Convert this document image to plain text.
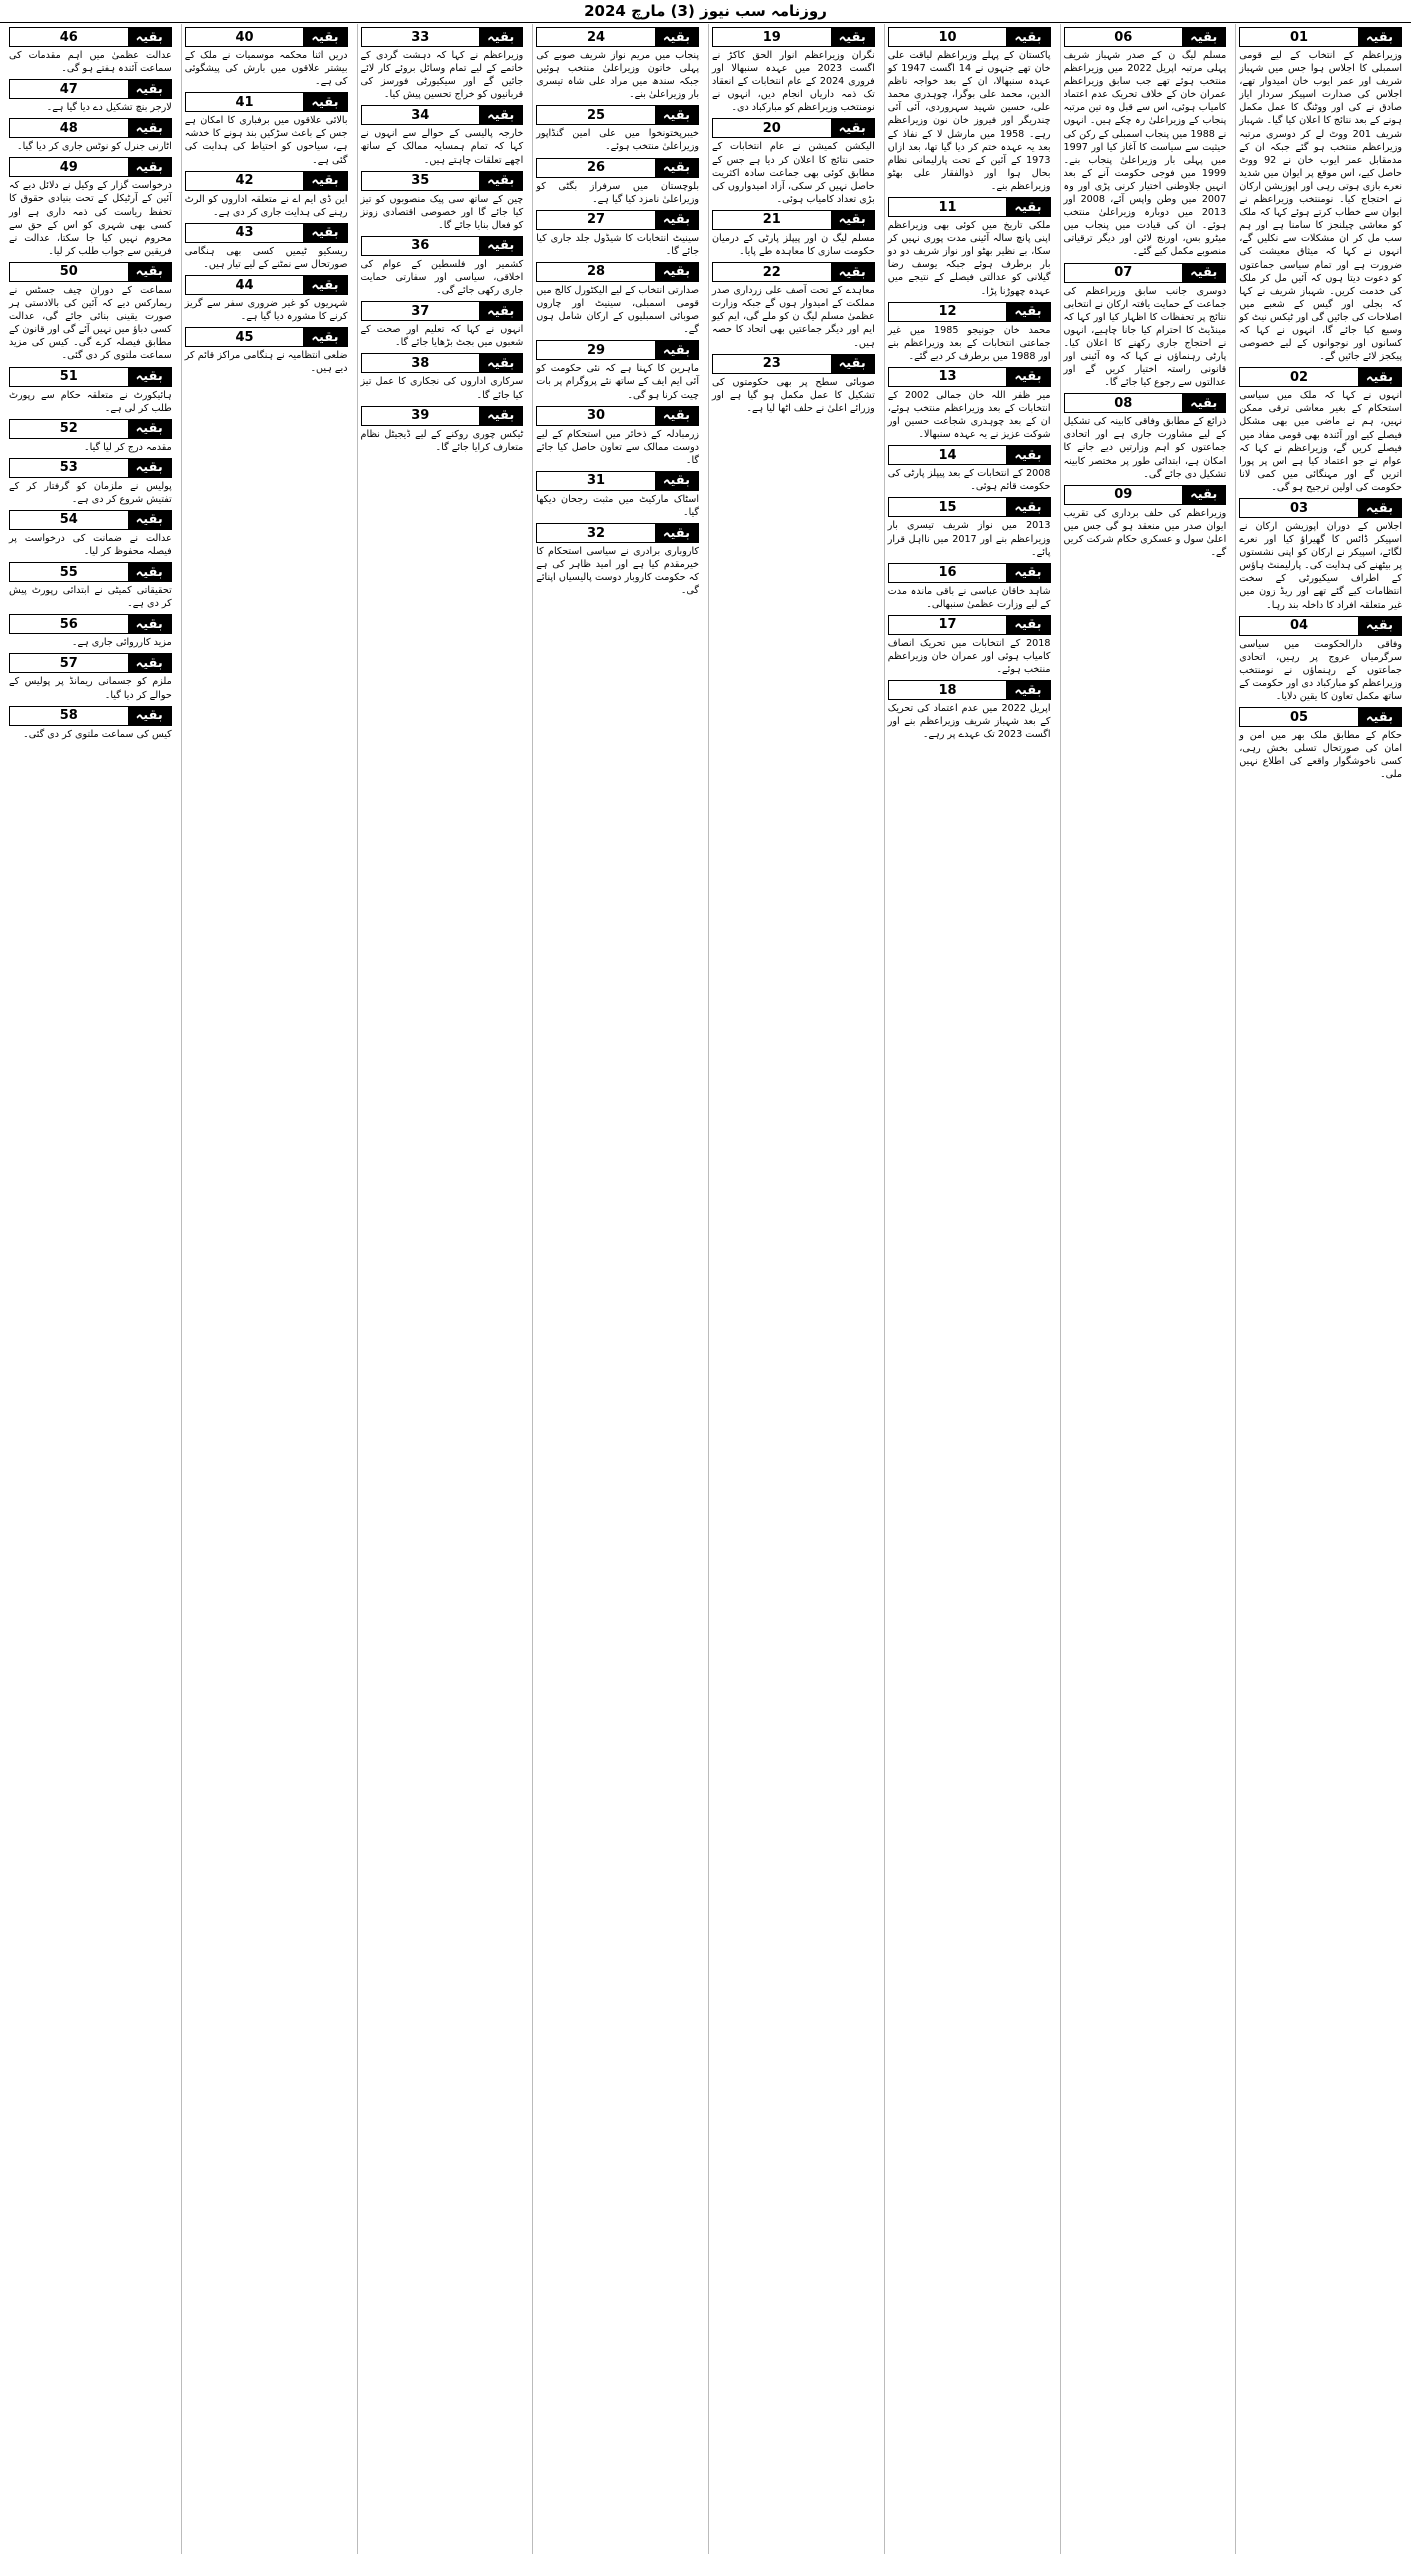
روزنامہ سب نیوز (3) مارچ 2024
بقیہ
01
وزیراعظم کے انتخاب کے لیے قومی اسمبلی کا اجلاس ہوا جس میں شہباز شریف اور عمر ایوب خان امیدوار تھے، اجلاس کی صدارت اسپیکر سردار ایاز صادق نے کی اور ووٹنگ کا عمل مکمل ہونے کے بعد نتائج کا اعلان کیا گیا۔ شہباز شریف 201 ووٹ لے کر دوسری مرتبہ وزیراعظم منتخب ہو گئے جبکہ ان کے مدمقابل عمر ایوب خان نے 92 ووٹ حاصل کیے، اس موقع پر ایوان میں شدید نعرے بازی ہوتی رہی اور اپوزیشن ارکان نے احتجاج کیا۔ نومنتخب وزیراعظم نے ایوان سے خطاب کرتے ہوئے کہا کہ ملک کو معاشی چیلنجز کا سامنا ہے اور ہم سب مل کر ان مشکلات سے نکلیں گے، انہوں نے کہا کہ میثاق معیشت کی ضرورت ہے اور تمام سیاسی جماعتوں کو دعوت دیتا ہوں کہ آئیں مل کر ملک کی خدمت کریں۔ شہباز شریف نے کہا کہ بجلی اور گیس کے شعبے میں اصلاحات کی جائیں گی اور ٹیکس نیٹ کو وسیع کیا جائے گا، انہوں نے کہا کہ کسانوں اور نوجوانوں کے لیے خصوصی پیکجز لائے جائیں گے۔
بقیہ
02
انہوں نے کہا کہ ملک میں سیاسی استحکام کے بغیر معاشی ترقی ممکن نہیں، ہم نے ماضی میں بھی مشکل فیصلے کیے اور آئندہ بھی قومی مفاد میں فیصلے کریں گے، وزیراعظم نے کہا کہ عوام نے جو اعتماد کیا ہے اس پر پورا اتریں گے اور مہنگائی میں کمی لانا حکومت کی اولین ترجیح ہو گی۔
بقیہ
03
اجلاس کے دوران اپوزیشن ارکان نے اسپیکر ڈائس کا گھیراؤ کیا اور نعرے لگائے، اسپیکر نے ارکان کو اپنی نشستوں پر بیٹھنے کی ہدایت کی۔ پارلیمنٹ ہاؤس کے اطراف سیکیورٹی کے سخت انتظامات کیے گئے تھے اور ریڈ زون میں غیر متعلقہ افراد کا داخلہ بند رہا۔
بقیہ
04
وفاقی دارالحکومت میں سیاسی سرگرمیاں عروج پر رہیں، اتحادی جماعتوں کے رہنماؤں نے نومنتخب وزیراعظم کو مبارکباد دی اور حکومت کے ساتھ مکمل تعاون کا یقین دلایا۔
بقیہ
05
حکام کے مطابق ملک بھر میں امن و امان کی صورتحال تسلی بخش رہی، کسی ناخوشگوار واقعے کی اطلاع نہیں ملی۔
بقیہ
06
مسلم لیگ ن کے صدر شہباز شریف پہلی مرتبہ اپریل 2022 میں وزیراعظم منتخب ہوئے تھے جب سابق وزیراعظم عمران خان کے خلاف تحریک عدم اعتماد کامیاب ہوئی، اس سے قبل وہ تین مرتبہ پنجاب کے وزیراعلیٰ رہ چکے ہیں۔ انہوں نے 1988 میں پنجاب اسمبلی کے رکن کی حیثیت سے سیاست کا آغاز کیا اور 1997 میں پہلی بار وزیراعلیٰ پنجاب بنے۔ 1999 میں فوجی حکومت آنے کے بعد انہیں جلاوطنی اختیار کرنی پڑی اور وہ 2007 میں وطن واپس آئے، 2008 اور 2013 میں دوبارہ وزیراعلیٰ منتخب ہوئے۔ ان کی قیادت میں پنجاب میں میٹرو بس، اورنج لائن اور دیگر ترقیاتی منصوبے مکمل کیے گئے۔
بقیہ
07
دوسری جانب سابق وزیراعظم کی جماعت کے حمایت یافتہ ارکان نے انتخابی نتائج پر تحفظات کا اظہار کیا اور کہا کہ مینڈیٹ کا احترام کیا جانا چاہیے، انہوں نے احتجاج جاری رکھنے کا اعلان کیا۔ پارٹی رہنماؤں نے کہا کہ وہ آئینی اور قانونی راستہ اختیار کریں گے اور عدالتوں سے رجوع کیا جائے گا۔
بقیہ
08
ذرائع کے مطابق وفاقی کابینہ کی تشکیل کے لیے مشاورت جاری ہے اور اتحادی جماعتوں کو اہم وزارتیں دیے جانے کا امکان ہے، ابتدائی طور پر مختصر کابینہ تشکیل دی جائے گی۔
بقیہ
09
وزیراعظم کی حلف برداری کی تقریب ایوان صدر میں منعقد ہو گی جس میں اعلیٰ سول و عسکری حکام شرکت کریں گے۔
بقیہ
10
پاکستان کے پہلے وزیراعظم لیاقت علی خان تھے جنہوں نے 14 اگست 1947 کو عہدہ سنبھالا، ان کے بعد خواجہ ناظم الدین، محمد علی بوگرا، چوہدری محمد علی، حسین شہید سہروردی، آئی آئی چندریگر اور فیروز خان نون وزیراعظم رہے۔ 1958 میں مارشل لا کے نفاذ کے بعد یہ عہدہ ختم کر دیا گیا تھا، بعد ازاں 1973 کے آئین کے تحت پارلیمانی نظام بحال ہوا اور ذوالفقار علی بھٹو وزیراعظم بنے۔
بقیہ
11
ملکی تاریخ میں کوئی بھی وزیراعظم اپنی پانچ سالہ آئینی مدت پوری نہیں کر سکا، بے نظیر بھٹو اور نواز شریف دو دو بار برطرف ہوئے جبکہ یوسف رضا گیلانی کو عدالتی فیصلے کے نتیجے میں عہدہ چھوڑنا پڑا۔
بقیہ
12
محمد خان جونیجو 1985 میں غیر جماعتی انتخابات کے بعد وزیراعظم بنے اور 1988 میں برطرف کر دیے گئے۔
بقیہ
13
میر ظفر اللہ خان جمالی 2002 کے انتخابات کے بعد وزیراعظم منتخب ہوئے، ان کے بعد چوہدری شجاعت حسین اور شوکت عزیز نے یہ عہدہ سنبھالا۔
بقیہ
14
2008 کے انتخابات کے بعد پیپلز پارٹی کی حکومت قائم ہوئی۔
بقیہ
15
2013 میں نواز شریف تیسری بار وزیراعظم بنے اور 2017 میں نااہل قرار پائے۔
بقیہ
16
شاہد خاقان عباسی نے باقی ماندہ مدت کے لیے وزارت عظمیٰ سنبھالی۔
بقیہ
17
2018 کے انتخابات میں تحریک انصاف کامیاب ہوئی اور عمران خان وزیراعظم منتخب ہوئے۔
بقیہ
18
اپریل 2022 میں عدم اعتماد کی تحریک کے بعد شہباز شریف وزیراعظم بنے اور اگست 2023 تک عہدے پر رہے۔
بقیہ
19
نگران وزیراعظم انوار الحق کاکڑ نے اگست 2023 میں عہدہ سنبھالا اور فروری 2024 کے عام انتخابات کے انعقاد تک ذمہ داریاں انجام دیں، انہوں نے نومنتخب وزیراعظم کو مبارکباد دی۔
بقیہ
20
الیکشن کمیشن نے عام انتخابات کے حتمی نتائج کا اعلان کر دیا ہے جس کے مطابق کوئی بھی جماعت سادہ اکثریت حاصل نہیں کر سکی، آزاد امیدواروں کی بڑی تعداد کامیاب ہوئی۔
بقیہ
21
مسلم لیگ ن اور پیپلز پارٹی کے درمیان حکومت سازی کا معاہدہ طے پایا۔
بقیہ
22
معاہدے کے تحت آصف علی زرداری صدر مملکت کے امیدوار ہوں گے جبکہ وزارت عظمیٰ مسلم لیگ ن کو ملے گی، ایم کیو ایم اور دیگر جماعتیں بھی اتحاد کا حصہ ہیں۔
بقیہ
23
صوبائی سطح پر بھی حکومتوں کی تشکیل کا عمل مکمل ہو گیا ہے اور وزرائے اعلیٰ نے حلف اٹھا لیا ہے۔
بقیہ
24
پنجاب میں مریم نواز شریف صوبے کی پہلی خاتون وزیراعلیٰ منتخب ہوئیں جبکہ سندھ میں مراد علی شاہ تیسری بار وزیراعلیٰ بنے۔
بقیہ
25
خیبرپختونخوا میں علی امین گنڈاپور وزیراعلیٰ منتخب ہوئے۔
بقیہ
26
بلوچستان میں سرفراز بگٹی کو وزیراعلیٰ نامزد کیا گیا ہے۔
بقیہ
27
سینیٹ انتخابات کا شیڈول جلد جاری کیا جائے گا۔
بقیہ
28
صدارتی انتخاب کے لیے الیکٹورل کالج میں قومی اسمبلی، سینیٹ اور چاروں صوبائی اسمبلیوں کے ارکان شامل ہوں گے۔
بقیہ
29
ماہرین کا کہنا ہے کہ نئی حکومت کو آئی ایم ایف کے ساتھ نئے پروگرام پر بات چیت کرنا ہو گی۔
بقیہ
30
زرمبادلہ کے ذخائر میں استحکام کے لیے دوست ممالک سے تعاون حاصل کیا جائے گا۔
بقیہ
31
اسٹاک مارکیٹ میں مثبت رجحان دیکھا گیا۔
بقیہ
32
کاروباری برادری نے سیاسی استحکام کا خیرمقدم کیا ہے اور امید ظاہر کی ہے کہ حکومت کاروبار دوست پالیسیاں اپنائے گی۔
بقیہ
33
وزیراعظم نے کہا کہ دہشت گردی کے خاتمے کے لیے تمام وسائل بروئے کار لائے جائیں گے اور سیکیورٹی فورسز کی قربانیوں کو خراج تحسین پیش کیا۔
بقیہ
34
خارجہ پالیسی کے حوالے سے انہوں نے کہا کہ تمام ہمسایہ ممالک کے ساتھ اچھے تعلقات چاہتے ہیں۔
بقیہ
35
چین کے ساتھ سی پیک منصوبوں کو تیز کیا جائے گا اور خصوصی اقتصادی زونز کو فعال بنایا جائے گا۔
بقیہ
36
کشمیر اور فلسطین کے عوام کی اخلاقی، سیاسی اور سفارتی حمایت جاری رکھی جائے گی۔
بقیہ
37
انہوں نے کہا کہ تعلیم اور صحت کے شعبوں میں بجٹ بڑھایا جائے گا۔
بقیہ
38
سرکاری اداروں کی نجکاری کا عمل تیز کیا جائے گا۔
بقیہ
39
ٹیکس چوری روکنے کے لیے ڈیجیٹل نظام متعارف کرایا جائے گا۔
بقیہ
40
دریں اثنا محکمہ موسمیات نے ملک کے بیشتر علاقوں میں بارش کی پیشگوئی کی ہے۔
بقیہ
41
بالائی علاقوں میں برفباری کا امکان ہے جس کے باعث سڑکیں بند ہونے کا خدشہ ہے، سیاحوں کو احتیاط کی ہدایت کی گئی ہے۔
بقیہ
42
این ڈی ایم اے نے متعلقہ اداروں کو الرٹ رہنے کی ہدایت جاری کر دی ہے۔
بقیہ
43
ریسکیو ٹیمیں کسی بھی ہنگامی صورتحال سے نمٹنے کے لیے تیار ہیں۔
بقیہ
44
شہریوں کو غیر ضروری سفر سے گریز کرنے کا مشورہ دیا گیا ہے۔
بقیہ
45
ضلعی انتظامیہ نے ہنگامی مراکز قائم کر دیے ہیں۔
بقیہ
46
عدالت عظمیٰ میں اہم مقدمات کی سماعت آئندہ ہفتے ہو گی۔
بقیہ
47
لارجر بنچ تشکیل دے دیا گیا ہے۔
بقیہ
48
اٹارنی جنرل کو نوٹس جاری کر دیا گیا۔
بقیہ
49
درخواست گزار کے وکیل نے دلائل دیے کہ آئین کے آرٹیکل کے تحت بنیادی حقوق کا تحفظ ریاست کی ذمہ داری ہے اور کسی بھی شہری کو اس کے حق سے محروم نہیں کیا جا سکتا، عدالت نے فریقین سے جواب طلب کر لیا۔
بقیہ
50
سماعت کے دوران چیف جسٹس نے ریمارکس دیے کہ آئین کی بالادستی ہر صورت یقینی بنائی جائے گی، عدالت کسی دباؤ میں نہیں آئے گی اور قانون کے مطابق فیصلہ کرے گی۔ کیس کی مزید سماعت ملتوی کر دی گئی۔
بقیہ
51
ہائیکورٹ نے متعلقہ حکام سے رپورٹ طلب کر لی ہے۔
بقیہ
52
مقدمہ درج کر لیا گیا۔
بقیہ
53
پولیس نے ملزمان کو گرفتار کر کے تفتیش شروع کر دی ہے۔
بقیہ
54
عدالت نے ضمانت کی درخواست پر فیصلہ محفوظ کر لیا۔
بقیہ
55
تحقیقاتی کمیٹی نے ابتدائی رپورٹ پیش کر دی ہے۔
بقیہ
56
مزید کارروائی جاری ہے۔
بقیہ
57
ملزم کو جسمانی ریمانڈ پر پولیس کے حوالے کر دیا گیا۔
بقیہ
58
کیس کی سماعت ملتوی کر دی گئی۔
